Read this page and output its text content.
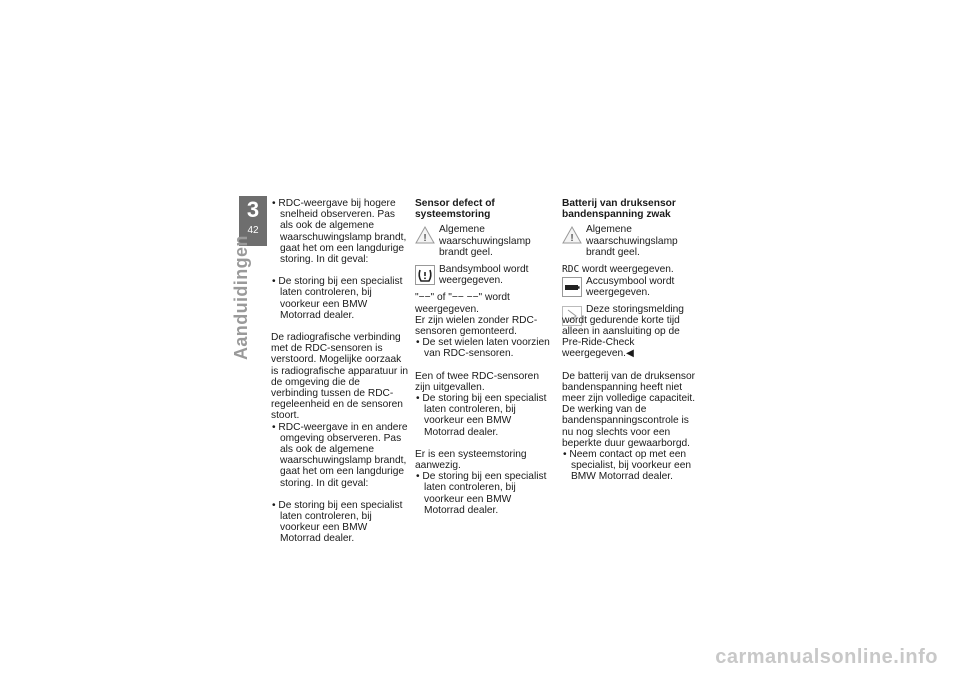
3
42
Aanduidingen

• RDC-weergave bij hogere snelheid observeren. Pas als ook de algemene waarschuwingslamp brandt, gaat het om een langdurige storing. In dit geval:

• De storing bij een specialist laten controleren, bij voorkeur een BMW Motorrad dealer.

De radiografische verbinding met de RDC-sensoren is verstoord. Mogelijke oorzaak is radiografische apparatuur in de omgeving die de verbinding tussen de RDC-regeleenheid en de sensoren stoort.

• RDC-weergave in en andere omgeving observeren. Pas als ook de algemene waarschuwingslamp brandt, gaat het om een langdurige storing. In dit geval:

• De storing bij een specialist laten controleren, bij voorkeur een BMW Motorrad dealer.

Sensor defect of systeemstoring
!
Algemene waarschuwingslamp brandt geel.
Bandsymbool wordt weergegeven.

"−−" of "−− −−" wordt weergegeven.

Er zijn wielen zonder RDC-sensoren gemonteerd.

• De set wielen laten voorzien van RDC-sensoren.

Een of twee RDC-sensoren zijn uitgevallen.

• De storing bij een specialist laten controleren, bij voorkeur een BMW Motorrad dealer.

Er is een systeemstoring aanwezig.

• De storing bij een specialist laten controleren, bij voorkeur een BMW Motorrad dealer.

Batterij van druksensor bandenspanning zwak
!
Algemene waarschuwingslamp brandt geel.
RDC wordt weergegeven.
Accusymbool wordt weergegeven.

Deze storingsmelding wordt gedurende korte tijd alleen in aansluiting op de Pre-Ride-Check weergegeven.◀

De batterij van de druksensor bandenspanning heeft niet meer zijn volledige capaciteit. De werking van de bandenspanningscontrole is nu nog slechts voor een beperkte duur gewaarborgd.

• Neem contact op met een specialist, bij voorkeur een BMW Motorrad dealer.

carmanualsonline.info
